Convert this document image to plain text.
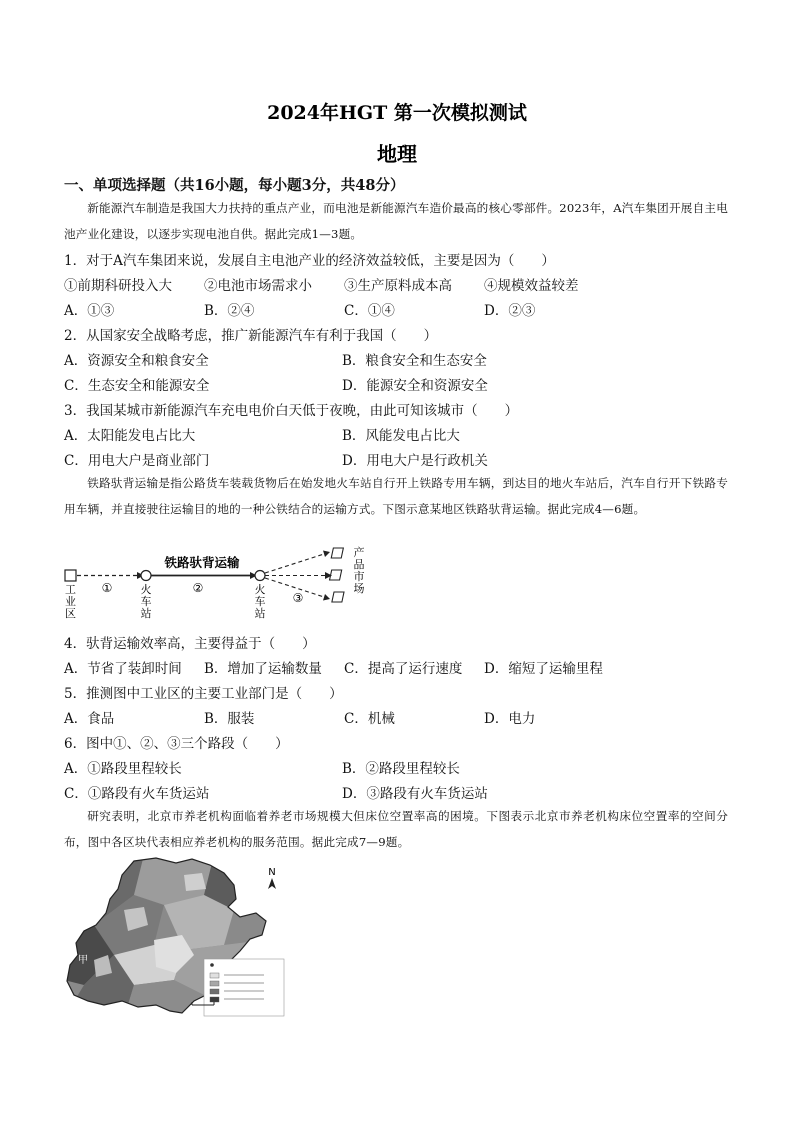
2024年HGT 第一次模拟测试
地理
一、单项选择题（共16小题，每小题3分，共48分）
新能源汽车制造是我国大力扶持的重点产业，而电池是新能源汽车造价最高的核心零部件。2023年，A汽车集团开展自主电池产业化建设，以逐步实现电池自供。据此完成1—3题。
1．对于A汽车集团来说，发展自主电池产业的经济效益较低，主要是因为（　　）
①前期科研投入大 ②电池市场需求小 ③生产原料成本高 ④规模效益较差
A．①③	B．②④	C．①④	D．②③
2．从国家安全战略考虑，推广新能源汽车有利于我国（　　）
A．资源安全和粮食安全	B．粮食安全和生态安全
C．生态安全和能源安全	D．能源安全和资源安全
3．我国某城市新能源汽车充电电价白天低于夜晚，由此可知该城市（　　）
A．太阳能发电占比大	B．风能发电占比大
C．用电大户是商业部门	D．用电大户是行政机关
铁路驮背运输是指公路货车装载货物后在始发地火车站自行开上铁路专用车辆，到达目的地火车站后，汽车自行开下铁路专用车辆，并直接驶往运输目的地的一种公铁结合的运输方式。下图示意某地区铁路驮背运输。据此完成4—6题。
①
铁路驮背运输
②
③
工业区
火车站
火车站
产品市场
4．驮背运输效率高，主要得益于（　　）
A．节省了装卸时间 B．增加了运输数量 C．提高了运行速度 D．缩短了运输里程
5．推测图中工业区的主要工业部门是（　　）
A．食品	B．服装	C．机械	D．电力
6．图中①、②、③三个路段（　　）
A．①路段里程较长	B．②路段里程较长
C．①路段有火车货运站	D．③路段有火车货运站
研究表明，北京市养老机构面临着养老市场规模大但床位空置率高的困境。下图表示北京市养老机构床位空置率的空间分布，图中各区块代表相应养老机构的服务范围。据此完成7—9题。
N
甲
